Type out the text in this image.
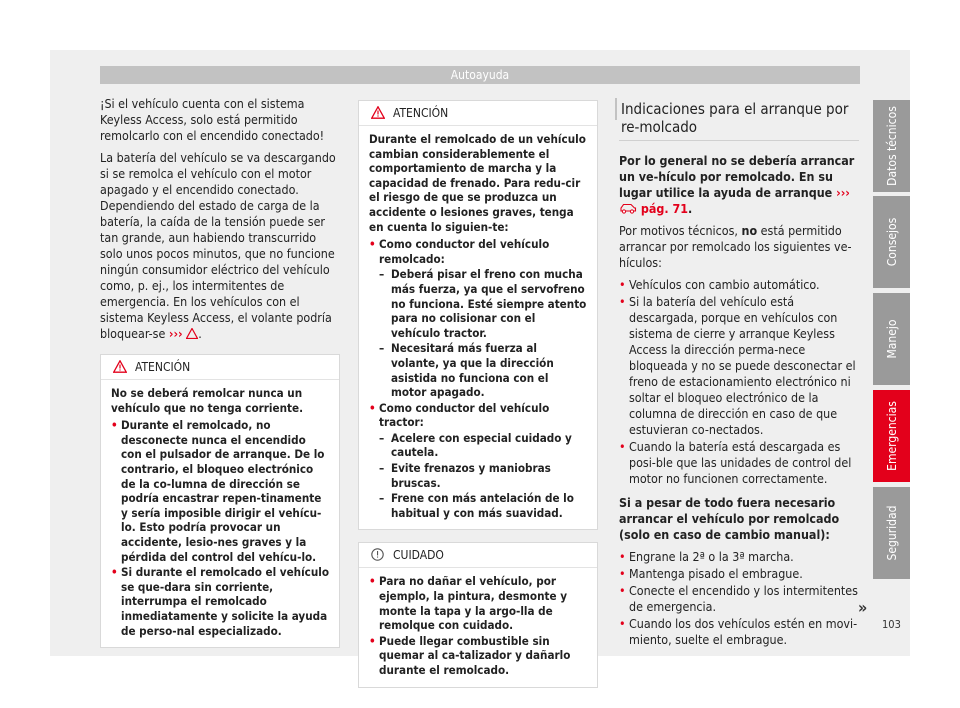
Autoayuda

¡Si el vehículo cuenta con el sistema Keyless Access, solo está permitido remolcarlo con el encendido conectado!

La batería del vehículo se va descargando si se remolca el vehículo con el motor apagado y el encendido conectado. Dependiendo del estado de carga de la batería, la caída de la tensión puede ser tan grande, aun habiendo transcurrido solo unos pocos minutos, que no funcione ningún consumidor eléctrico del vehículo como, p. ej., los intermitentes de emergencia. En los vehículos con el sistema Keyless Access, el volante podría bloquear-se ››› .

ATENCIÓN

No se deberá remolcar nunca un vehículo que no tenga corriente.

• Durante el remolcado, no desconecte nunca el encendido con el pulsador de arranque. De lo contrario, el bloqueo electrónico de la co-lumna de dirección se podría encastrar repen-tinamente y sería imposible dirigir el vehícu-lo. Esto podría provocar un accidente, lesio-nes graves y la pérdida del control del vehícu-lo.

• Si durante el remolcado el vehículo se que-dara sin corriente, interrumpa el remolcado inmediatamente y solicite la ayuda de perso-nal especializado.

ATENCIÓN

Durante el remolcado de un vehículo cambian considerablemente el comportamiento de marcha y la capacidad de frenado. Para redu-cir el riesgo de que se produzca un accidente o lesiones graves, tenga en cuenta lo siguien-te:

• Como conductor del vehículo remolcado:

– Deberá pisar el freno con mucha más fuerza, ya que el servofreno no funciona. Esté siempre atento para no colisionar con el vehículo tractor.

– Necesitará más fuerza al volante, ya que la dirección asistida no funciona con el motor apagado.

• Como conductor del vehículo tractor:

– Acelere con especial cuidado y cautela.

– Evite frenazos y maniobras bruscas.

– Frene con más antelación de lo habitual y con más suavidad.

CUIDADO

• Para no dañar el vehículo, por ejemplo, la pintura, desmonte y monte la tapa y la argo-lla de remolque con cuidado.

• Puede llegar combustible sin quemar al ca-talizador y dañarlo durante el remolcado.

Indicaciones para el arranque por re-molcado

Por lo general no se debería arrancar un ve-hículo por remolcado. En su lugar utilice la ayuda de arranque ›››  pág. 71.

Por motivos técnicos, no está permitido arrancar por remolcado los siguientes ve-hículos:

• Vehículos con cambio automático.

• Si la batería del vehículo está descargada, porque en vehículos con sistema de cierre y arranque Keyless Access la dirección perma-nece bloqueada y no se puede desconectar el freno de estacionamiento electrónico ni soltar el bloqueo electrónico de la columna de dirección en caso de que estuvieran co-nectados.

• Cuando la batería está descargada es posi-ble que las unidades de control del motor no funcionen correctamente.

Si a pesar de todo fuera necesario arrancar el vehículo por remolcado (solo en caso de cambio manual):

• Engrane la 2ª o la 3ª marcha.

• Mantenga pisado el embrague.

• Conecte el encendido y los intermitentes de emergencia.

• Cuando los dos vehículos estén en movi-miento, suelte el embrague.

»
Datos técnicos
Consejos
Manejo
Emergencias
Seguridad
103
